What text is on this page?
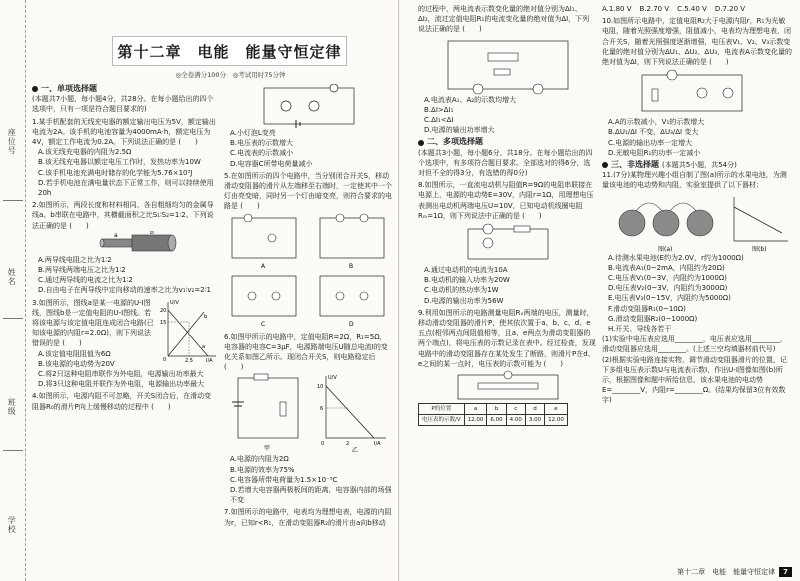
座位号
姓名
班级
学校
第十二章　电能　能量守恒定律
◎全卷满分100分　◎考试用时75分钟
一、单项选择题
(本题共7小题，每小题4分，共28分。在每小题给出的四个选项中，只有一项是符合题目要求的)
1.某手机配套的无线充电器的额定输出电压为5V，额定输出电流为2A。该手机的电池容量为4000mA·h，额定电压为4V，额定工作电流为0.2A。下列说法正确的是 (　　)
A.该无线充电器的内阻为2.5Ω
B.该无线充电器以额定电压工作时，发热功率为10W
C.该手机电池充满电时储存的化学能为5.76×10³J
D.若手机电池在满电量状态下正常工作，则可以持续使用20h
2.如图所示，两段长度和材料相同、各自粗细均匀的金属导线a、b串联在电路中，其横截面积之比S₁∶S₂=1∶2。下列说法正确的是 (　　)
a	b
A.两导线电阻之比为1∶2
B.两导线两端电压之比为1∶2
C.通过两导线的电流之比为1∶2
D.自由电子在两导线中定向移动的速率之比为v₁∶v₂=2∶1
3.如图所示，图线a是某一电源的U-I图线，图线b是一定值电阻的U-I图线。若将该电源与该定值电阻连成闭合电路(已知该电源的内阻r=2.0Ω)，则下列说法错误的是 (　　)
U/V
20
15
a
b
0	2.5	I/A
A.该定值电阻阻值为6Ω
B.该电源的电动势为20V
C.将2只这种电阻串联作为外电阻，电源输出功率最大
D.将3只这种电阻并联作为外电阻，电源输出功率最大
4.如图所示，电源内阻不可忽略，开关S闭合后，在滑动变阻器R₀的滑片P向上缓慢移动的过程中 (　　)
A.小灯泡L变亮
B.电压表的示数增大
C.电流表的示数减小
D.电容器C所带电荷量减小
5.在如图所示的四个电路中，当分别闭合开关S，移动滑动变阻器的滑片从左端移至右端时，一定使其中一个灯由亮变暗，同时另一个灯由暗变亮，则符合要求的电路是 (　　)
A	B
C	D
6.如图甲所示的电路中，定值电阻R=2Ω，R₁=5Ω，电容器的电容C=3μF，电源路端电压U随总电流I的变化关系如图乙所示。现闭合开关S，则电路稳定后 (　　)
甲
U/V
10
6
0	2	I/A
乙
A.电源的内阻为2Ω
B.电源的效率为75%
C.电容器所带电荷量为1.5×10⁻⁵C
D.若增大电容器两极板间的距离，电容器内部的场强不变
7.如图所示的电路中，电表均为理想电表，电源的内阻为r，已知r<R₁，在滑动变阻器R₂的滑片由a向b移动
的过程中，两电流表示数变化量的绝对值分别为ΔI₁、ΔI₂，流过定值电阻R₁的电流变化量的绝对值为ΔI，下列说法正确的是 (　　)
A.电流表A₁、A₂的示数均增大
B.ΔI>ΔI₁
C.ΔI₁<ΔI
D.电源的输出功率增大
二、多项选择题
(本题共3小题，每小题6分，共18分。在每小题给出的四个选项中，有多项符合题目要求。全部选对的得6分，选对但不全的得3分，有选错的得0分)
8.如图所示，一直流电动机与阻值R=9Ω的电阻串联接在电源上，电源的电动势E=30V，内阻r=1Ω，用理想电压表测出电动机两端电压U=10V，已知电动机线圈电阻Rₘ=1Ω，则下列说法中正确的是 (　　)
A.通过电动机的电流为10A
B.电动机的输入功率为20W
C.电动机的热功率为1W
D.电源的输出功率为56W
9.利用如图所示的电路测量电阻Rₓ两端的电压，测量时，移动滑动变阻器的滑片P，使其依次置于a、b、c、d、e五点(相邻两点间阻值相等，且a、e两点为滑动变阻器的两个端点)，将电压表的示数记录在表中。经过检查，发现电路中的滑动变阻器存在某处发生了断路，则滑片P在d、e之间的某一点时，电压表的示数可能为 (　　)
P的位置	a	b	c	d	e
电压表的示数/V	12.00	6.00	4.00	3.00	12.00
A.1.80 V B.2.70 V C.5.40 V D.7.20 V
10.如图所示电路中，定值电阻R₂大于电源内阻r，R₁为光敏电阻，随着光照强度增强，阻值减小，电表均为理想电表，闭合开关S，随着光照强度逐渐增强，电压表V₁、V₂、V₃示数变化量的绝对值分别为ΔU₁、ΔU₂、ΔU₃，电流表A示数变化量的绝对值为ΔI，则下列说法正确的是 (　　)
A.A的示数减小，V₁的示数增大
B.ΔU₁/ΔI 不变，ΔU₃/ΔI 变大
C.电源的输出功率一定增大
D.光敏电阻R₁的功率一定减小
三、非选择题 (本题共5小题，共54分)
11.(7分)某物理兴趣小组自制了图(a)所示的水果电池，为测量该电池的电动势和内阻，实验室提供了以下器材：
图(a)	图(b)
A.待测水果电池(E约为2.0V，r约为1000Ω)
B.电流表A₁(0~2mA，内阻约为20Ω)
C.电压表V₁(0~3V，内阻约为1000Ω)
D.电压表V₂(0~3V，内阻约为3000Ω)
E.电压表V₃(0~15V，内阻约为5000Ω)
F.滑动变阻器R₁(0~10Ω)
G.滑动变阻器R₂(0~1000Ω)
H.开关、导线各若干
(1)实验中电压表应选用________，电压表应选用________，滑动变阻器应选用________。(上述三空均填器材前代号)
(2)根据实验电路连接实物，调节滑动变阻器滑片的位置，记下多组电压表示数U与电流表示数I，作出U-I图像如图(b)所示，根据图像和题中所给信息，该水果电池的电动势E=________V，内阻r=________Ω。(结果均保留3位有效数字)
第十二章　电能　能量守恒定律	7
